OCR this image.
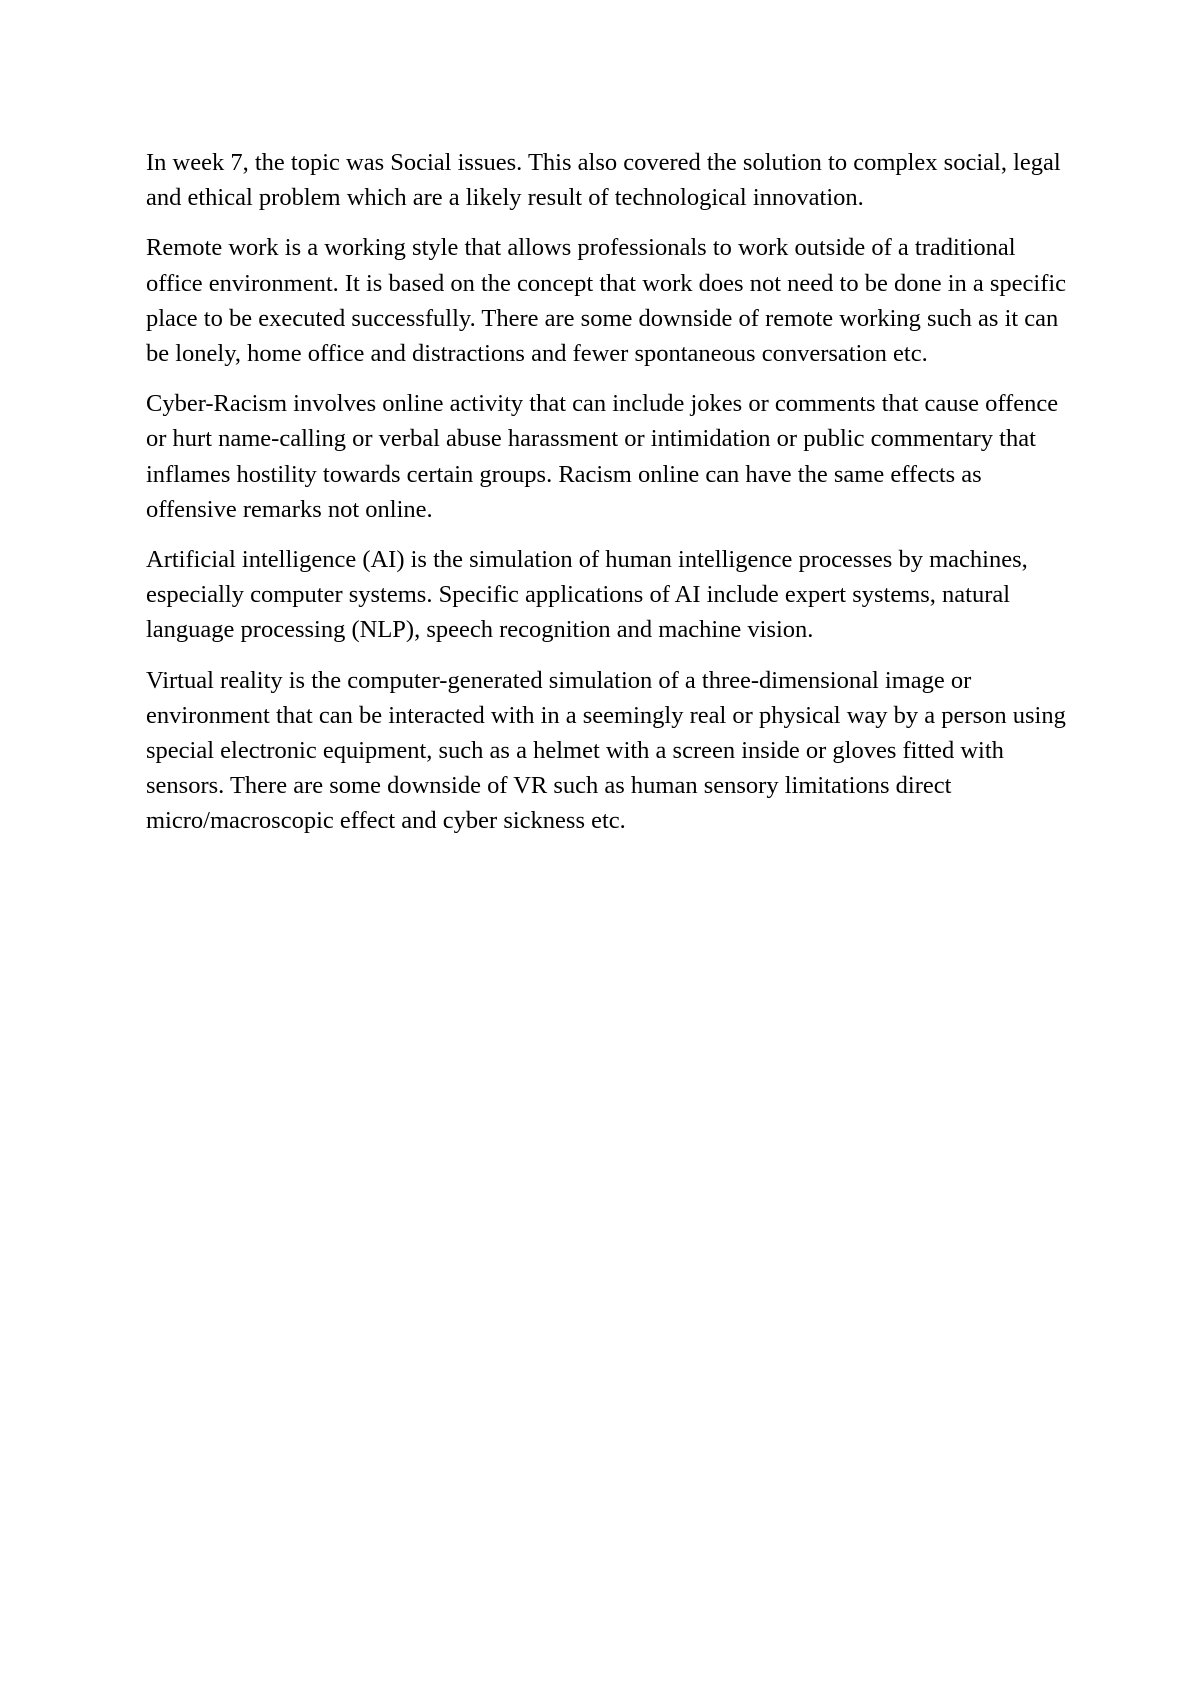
In week 7, the topic was Social issues. This also covered the solution to complex social, legal and ethical problem which are a likely result of technological innovation.

Remote work is a working style that allows professionals to work outside of a traditional office environment. It is based on the concept that work does not need to be done in a specific place to be executed successfully. There are some downside of remote working such as it can be lonely, home office and distractions and fewer spontaneous conversation etc.

Cyber-Racism involves online activity that can include jokes or comments that cause offence or hurt name-calling or verbal abuse harassment or intimidation or public commentary that inflames hostility towards certain groups. Racism online can have the same effects as offensive remarks not online.

Artificial intelligence (AI) is the simulation of human intelligence processes by machines, especially computer systems. Specific applications of AI include expert systems, natural language processing (NLP), speech recognition and machine vision.

Virtual reality is the computer-generated simulation of a three-dimensional image or environment that can be interacted with in a seemingly real or physical way by a person using special electronic equipment, such as a helmet with a screen inside or gloves fitted with sensors. There are some downside of VR such as human sensory limitations direct micro/macroscopic effect and cyber sickness etc.
